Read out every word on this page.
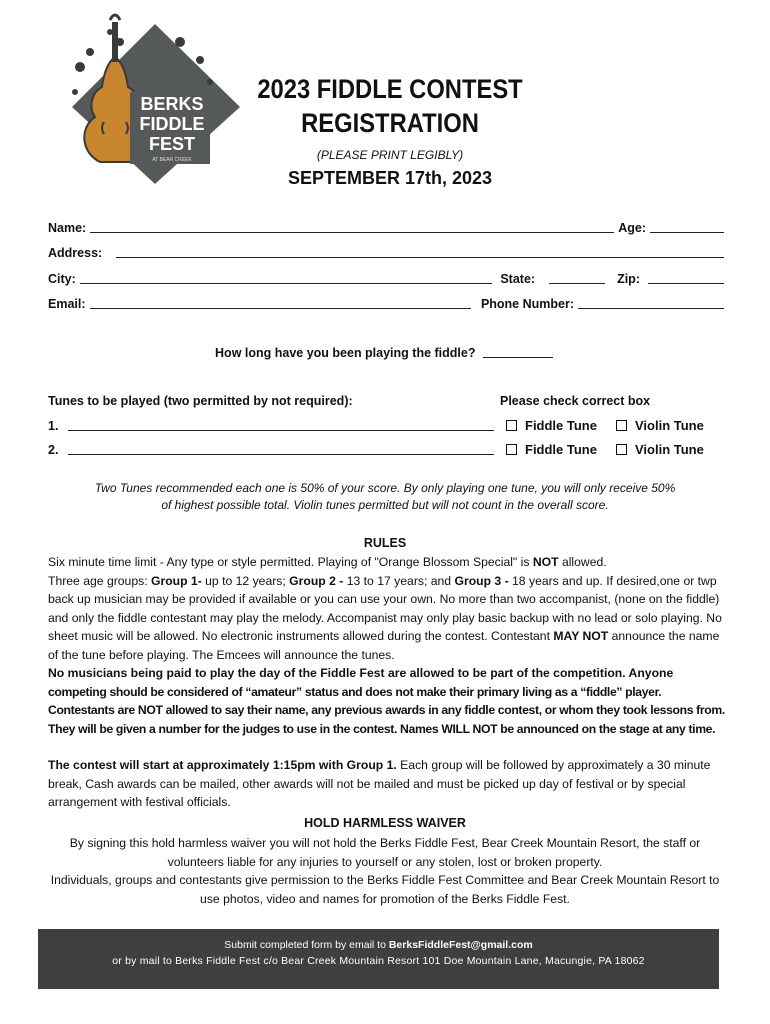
BERKS
FIDDLE
FEST
AT BEAR CREEK
2023 FIDDLE CONTEST
REGISTRATION
(PLEASE PRINT LEGIBLY)
SEPTEMBER 17th, 2023
Name:	Age:
Address:
City:	State:	Zip:
Email:	Phone Number:
How long have you been playing the fiddle?
Tunes to be played (two permitted by not required):	Please check correct box
1.	Fiddle Tune	Violin Tune
2.	Fiddle Tune	Violin Tune
Two Tunes recommended each one is 50% of your score. By only playing one tune, you will only receive 50%
of highest possible total. Violin tunes permitted but will not count in the overall score.
RULES
Six minute time limit - Any type or style permitted. Playing of "Orange Blossom Special" is NOT allowed.
Three age groups: Group 1- up to 12 years; Group 2 - 13 to 17 years; and Group 3 - 18 years and up. If desired,one or twp back up musician may be provided if available or you can use your own. No more than two accompanist, (none on the fiddle) and only the fiddle contestant may play the melody. Accompanist may only play basic backup with no lead or solo playing. No sheet music will be allowed. No electronic instruments allowed during the contest. Contestant MAY NOT announce the name of the tune before playing. The Emcees will announce the tunes.
No musicians being paid to play the day of the Fiddle Fest are allowed to be part of the competition. Anyone
competing should be considered of “amateur” status and does not make their primary living as a “fiddle” player. Contestants are NOT allowed to say their name, any previous awards in any fiddle contest, or whom they took lessons from. They will be given a number for the judges to use in the contest. Names WILL NOT be announced on the stage at any time.
The contest will start at approximately 1:15pm with Group 1. Each group will be followed by approximately a 30 minute break, Cash awards can be mailed, other awards will not be mailed and must be picked up day of festival or by special arrangement with festival officials.
HOLD HARMLESS WAIVER
By signing this hold harmless waiver you will not hold the Berks Fiddle Fest, Bear Creek Mountain Resort, the staff or volunteers liable for any injuries to yourself or any stolen, lost or broken property.
Individuals, groups and contestants give permission to the Berks Fiddle Fest Committee and Bear Creek Mountain Resort to use photos, video and names for promotion of the Berks Fiddle Fest.
Submit completed form by email to BerksFiddleFest@gmail.com
or by mail to Berks Fiddle Fest c/o Bear Creek Mountain Resort 101 Doe Mountain Lane, Macungie, PA 18062
